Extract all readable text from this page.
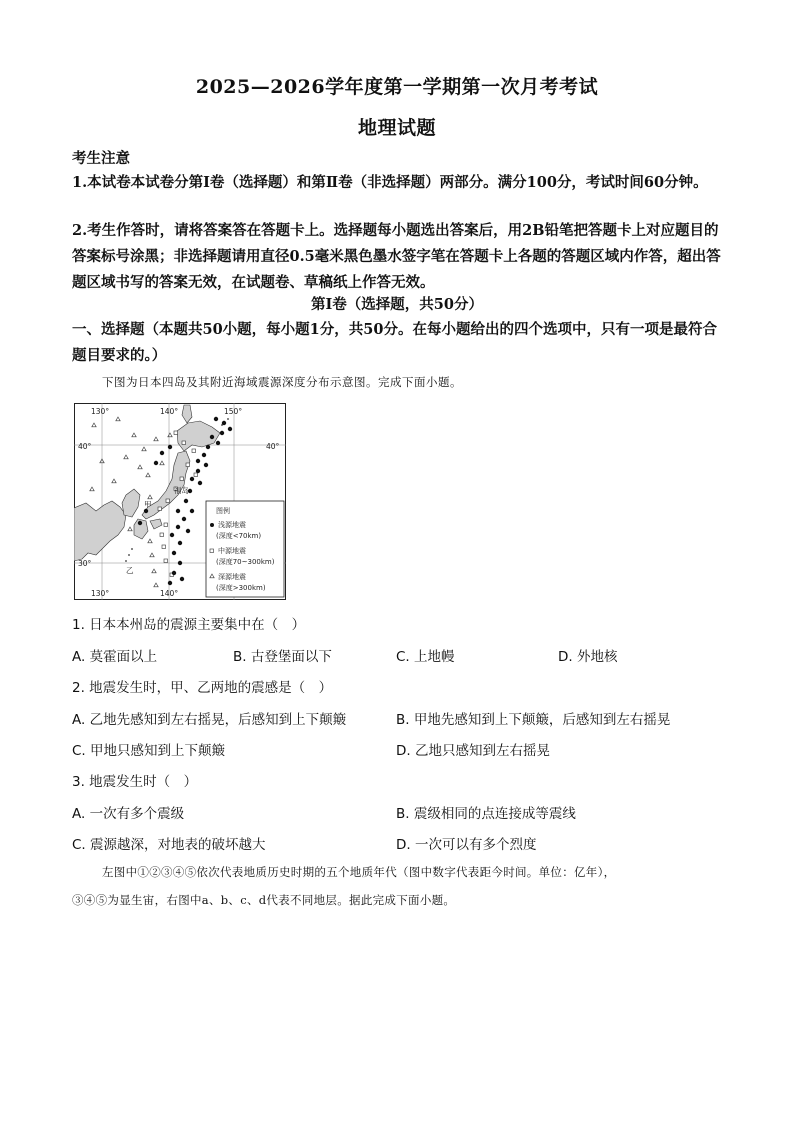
2025—2026学年度第一学期第一次月考考试
地理试题
考生注意
1.本试卷本试卷分第Ⅰ卷（选择题）和第Ⅱ卷（非选择题）两部分。满分100分，考试时间60分钟。
2.考生作答时，请将答案答在答题卡上。选择题每小题选出答案后，用2B铅笔把答题卡上对应题目的答案标号涂黑；非选择题请用直径0.5毫米黑色墨水签字笔在答题卡上各题的答题区域内作答，超出答题区域书写的答案无效，在试题卷、草稿纸上作答无效。
第Ⅰ卷（选择题，共50分）
一、选择题（本题共50小题，每小题1分，共50分。在每小题给出的四个选项中，只有一项是最符合题目要求的。）
下图为日本四岛及其附近海域震源深度分布示意图。完成下面小题。
130°	140°	150°
40°	40°
30°
130°	140°
甲
乙
福岛
图例
浅源地震
(深度<70km)
中源地震
(深度70~300km)
深源地震
(深度>300km)
1. 日本本州岛的震源主要集中在（　）
A. 莫霍面以上	B. 古登堡面以下	C. 上地幔	D. 外地核
2. 地震发生时，甲、乙两地的震感是（　）
A. 乙地先感知到左右摇晃，后感知到上下颠簸	B. 甲地先感知到上下颠簸，后感知到左右摇晃
C. 甲地只感知到上下颠簸	D. 乙地只感知到左右摇晃
3. 地震发生时（　）
A. 一次有多个震级	B. 震级相同的点连接成等震线
C. 震源越深，对地表的破坏越大	D. 一次可以有多个烈度
左图中①②③④⑤依次代表地质历史时期的五个地质年代（图中数字代表距今时间。单位：亿年），
③④⑤为显生宙，右图中a、b、c、d代表不同地层。据此完成下面小题。
